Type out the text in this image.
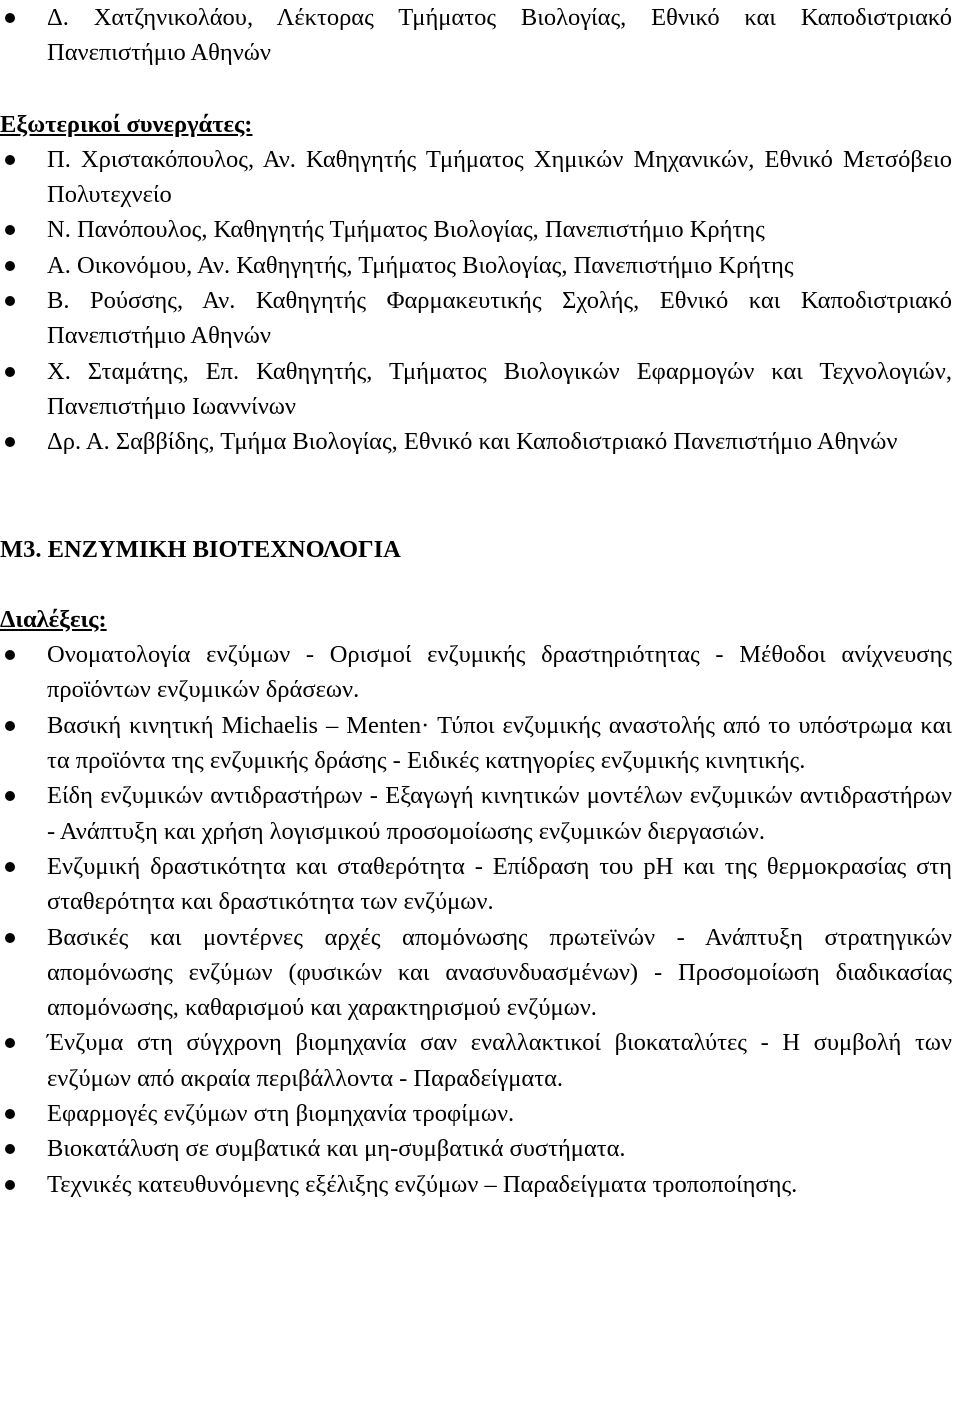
Δ. Χατζηνικολάου, Λέκτορας Τμήματος Βιολογίας, Εθνικό και Καποδιστριακό Πανεπιστήμιο Αθηνών

Εξωτερικοί συνεργάτες:

Π. Χριστακόπουλος, Αν. Καθηγητής Τμήματος Χημικών Μηχανικών, Εθνικό Μετσόβειο Πολυτεχνείο
Ν. Πανόπουλος, Καθηγητής Τμήματος Βιολογίας, Πανεπιστήμιο Κρήτης
Α. Οικονόμου, Αν. Καθηγητής, Τμήματος Βιολογίας, Πανεπιστήμιο Κρήτης
Β. Ρούσσης, Αν. Καθηγητής Φαρμακευτικής Σχολής, Εθνικό και Καποδιστριακό Πανεπιστήμιο Αθηνών
Χ. Σταμάτης, Επ. Καθηγητής, Τμήματος Βιολογικών Εφαρμογών και Τεχνολογιών, Πανεπιστήμιο Ιωαννίνων
Δρ. Α. Σαββίδης, Τμήμα Βιολογίας, Εθνικό και Καποδιστριακό Πανεπιστήμιο Αθηνών

Μ3. ΕΝΖΥΜΙΚΗ ΒΙΟΤΕΧΝΟΛΟΓΙΑ

Διαλέξεις:

Ονοματολογία ενζύμων - Ορισμοί ενζυμικής δραστηριότητας - Μέθοδοι ανίχνευσης προϊόντων ενζυμικών δράσεων.
Βασική κινητική Michaelis – Menten· Τύποι ενζυμικής αναστολής από το υπόστρωμα και τα προϊόντα της ενζυμικής δράσης - Ειδικές κατηγορίες ενζυμικής κινητικής.
Είδη ενζυμικών αντιδραστήρων - Εξαγωγή κινητικών μοντέλων ενζυμικών αντιδραστήρων - Ανάπτυξη και χρήση λογισμικού προσομοίωσης ενζυμικών διεργασιών.
Ενζυμική δραστικότητα και σταθερότητα - Επίδραση του pH και της θερμοκρασίας στη σταθερότητα και δραστικότητα των ενζύμων.
Βασικές και μοντέρνες αρχές απομόνωσης πρωτεϊνών - Ανάπτυξη στρατηγικών απομόνωσης ενζύμων (φυσικών και ανασυνδυασμένων) - Προσομοίωση διαδικασίας απομόνωσης, καθαρισμού και χαρακτηρισμού ενζύμων.
Ένζυμα στη σύγχρονη βιομηχανία σαν εναλλακτικοί βιοκαταλύτες - Η συμβολή των ενζύμων από ακραία περιβάλλοντα - Παραδείγματα.
Εφαρμογές ενζύμων στη βιομηχανία τροφίμων.
Βιοκατάλυση σε συμβατικά και μη-συμβατικά συστήματα.
Τεχνικές κατευθυνόμενης εξέλιξης ενζύμων – Παραδείγματα τροποποίησης.
